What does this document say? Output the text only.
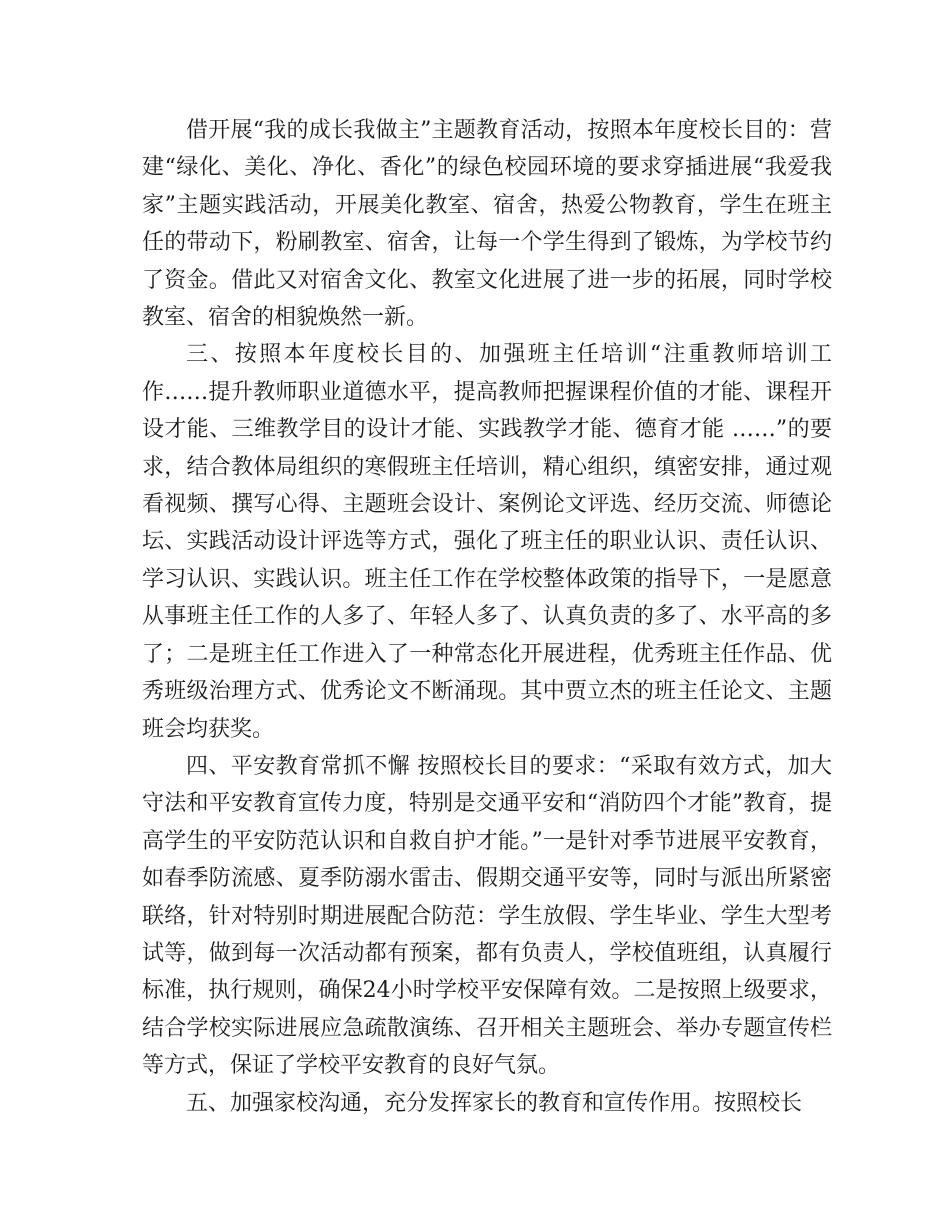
借开展“我的成长我做主”主题教育活动，按照本年度校长目的：营建“绿化、美化、净化、香化”的绿色校园环境的要求穿插进展“我爱我家”主题实践活动，开展美化教室、宿舍，热爱公物教育，学生在班主任的带动下，粉刷教室、宿舍，让每一个学生得到了锻炼，为学校节约了资金。借此又对宿舍文化、教室文化进展了进一步的拓展，同时学校教室、宿舍的相貌焕然一新。

三、按照本年度校长目的、加强班主任培训“注重教师培训工作……提升教师职业道德水平，提高教师把握课程价值的才能、课程开设才能、三维教学目的设计才能、实践教学才能、德育才能 ……”的要求，结合教体局组织的寒假班主任培训，精心组织，缜密安排，通过观看视频、撰写心得、主题班会设计、案例论文评选、经历交流、师德论坛、实践活动设计评选等方式，强化了班主任的职业认识、责任认识、学习认识、实践认识。班主任工作在学校整体政策的指导下，一是愿意从事班主任工作的人多了、年轻人多了、认真负责的多了、水平高的多了；二是班主任工作进入了一种常态化开展进程，优秀班主任作品、优秀班级治理方式、优秀论文不断涌现。其中贾立杰的班主任论文、主题班会均获奖。

四、平安教育常抓不懈 按照校长目的要求：“采取有效方式，加大守法和平安教育宣传力度，特别是交通平安和“消防四个才能”教育，提高学生的平安防范认识和自救自护才能。”一是针对季节进展平安教育，如春季防流感、夏季防溺水雷击、假期交通平安等，同时与派出所紧密联络，针对特别时期进展配合防范：学生放假、学生毕业、学生大型考试等，做到每一次活动都有预案，都有负责人，学校值班组，认真履行标准，执行规则，确保24小时学校平安保障有效。二是按照上级要求，结合学校实际进展应急疏散演练、召开相关主题班会、举办专题宣传栏等方式，保证了学校平安教育的良好气氛。

五、加强家校沟通，充分发挥家长的教育和宣传作用。按照校长
